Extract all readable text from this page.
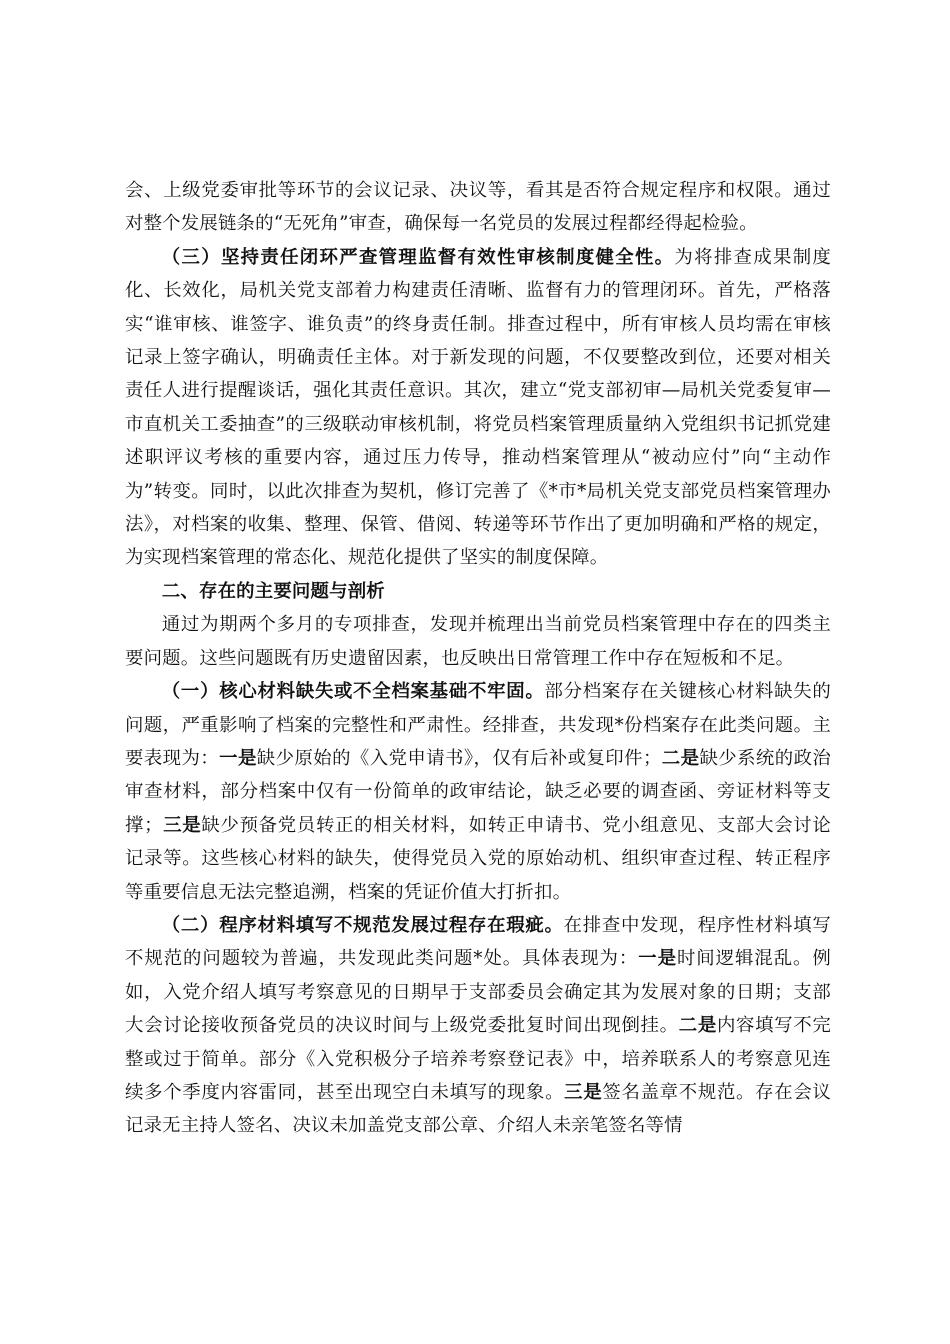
会、上级党委审批等环节的会议记录、决议等，看其是否符合规定程序和权限。通过对整个发展链条的“无死角”审查，确保每一名党员的发展过程都经得起检验。

（三）坚持责任闭环严查管理监督有效性审核制度健全性。为将排查成果制度化、长效化，局机关党支部着力构建责任清晰、监督有力的管理闭环。首先，严格落实“谁审核、谁签字、谁负责”的终身责任制。排查过程中，所有审核人员均需在审核记录上签字确认，明确责任主体。对于新发现的问题，不仅要整改到位，还要对相关责任人进行提醒谈话，强化其责任意识。其次，建立“党支部初审—局机关党委复审—市直机关工委抽查”的三级联动审核机制，将党员档案管理质量纳入党组织书记抓党建述职评议考核的重要内容，通过压力传导，推动档案管理从“被动应付”向“主动作为”转变。同时，以此次排查为契机，修订完善了《*市*局机关党支部党员档案管理办法》，对档案的收集、整理、保管、借阅、转递等环节作出了更加明确和严格的规定，为实现档案管理的常态化、规范化提供了坚实的制度保障。

二、存在的主要问题与剖析

通过为期两个多月的专项排查，发现并梳理出当前党员档案管理中存在的四类主要问题。这些问题既有历史遗留因素，也反映出日常管理工作中存在短板和不足。

（一）核心材料缺失或不全档案基础不牢固。部分档案存在关键核心材料缺失的问题，严重影响了档案的完整性和严肃性。经排查，共发现*份档案存在此类问题。主要表现为：一是缺少原始的《入党申请书》，仅有后补或复印件；二是缺少系统的政治审查材料，部分档案中仅有一份简单的政审结论，缺乏必要的调查函、旁证材料等支撑；三是缺少预备党员转正的相关材料，如转正申请书、党小组意见、支部大会讨论记录等。这些核心材料的缺失，使得党员入党的原始动机、组织审查过程、转正程序等重要信息无法完整追溯，档案的凭证价值大打折扣。

（二）程序材料填写不规范发展过程存在瑕疵。在排查中发现，程序性材料填写不规范的问题较为普遍，共发现此类问题*处。具体表现为：一是时间逻辑混乱。例如，入党介绍人填写考察意见的日期早于支部委员会确定其为发展对象的日期；支部大会讨论接收预备党员的决议时间与上级党委批复时间出现倒挂。二是内容填写不完整或过于简单。部分《入党积极分子培养考察登记表》中，培养联系人的考察意见连续多个季度内容雷同，甚至出现空白未填写的现象。三是签名盖章不规范。存在会议记录无主持人签名、决议未加盖党支部公章、介绍人未亲笔签名等情
